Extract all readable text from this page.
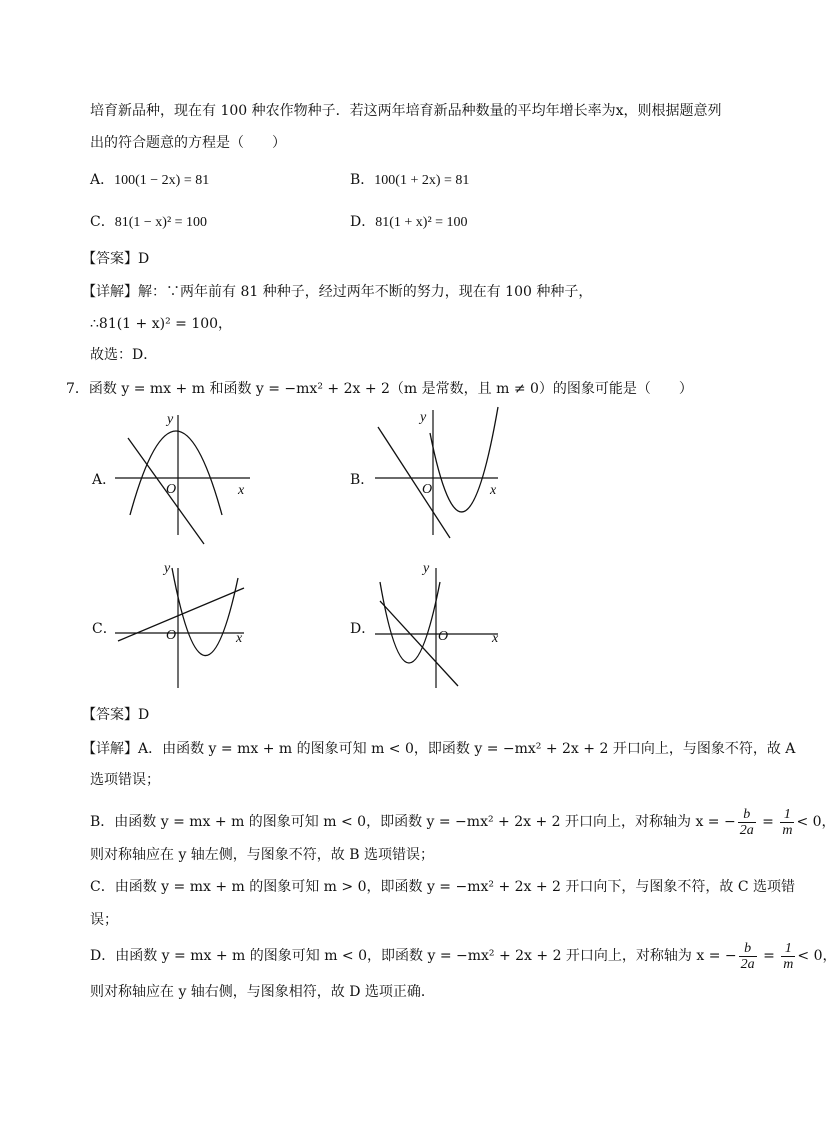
培育新品种，现在有 100 种农作物种子．若这两年培育新品种数量的平均年增长率为x，则根据题意列
出的符合题意的方程是（　　）
A．100(1 − 2x) = 81	B．100(1 + 2x) = 81
C．81(1 − x)² = 100	D．81(1 + x)² = 100
【答案】D
【详解】解：∵两年前有 81 种种子，经过两年不断的努力，现在有 100 种种子，
∴81(1 + x)² = 100，
故选：D．
7．函数 y = mx + m 和函数 y = −mx² + 2x + 2（m 是常数，且 m ≠ 0）的图象可能是（　　）
A．	B．
C．	D．
y
x
O
y
x
O
y
x
O
y
x
O
【答案】D
【详解】A．由函数 y = mx + m 的图象可知 m < 0，即函数 y = −mx² + 2x + 2 开口向上，与图象不符，故 A
选项错误；
B．由函数 y = mx + m 的图象可知 m < 0，即函数 y = −mx² + 2x + 2 开口向上，对称轴为 x = − $\frac{b}{2a} = \frac{1}{m} < 0$，
则对称轴应在 y 轴左侧，与图象不符，故 B 选项错误；
C．由函数 y = mx + m 的图象可知 m > 0，即函数 y = −mx² + 2x + 2 开口向下，与图象不符，故 C 选项错
误；
D．由函数 y = mx + m 的图象可知 m < 0，即函数 y = −mx² + 2x + 2 开口向上，对称轴为 x = − $\frac{b}{2a} = \frac{1}{m} < 0$，
则对称轴应在 y 轴右侧，与图象相符，故 D 选项正确．
